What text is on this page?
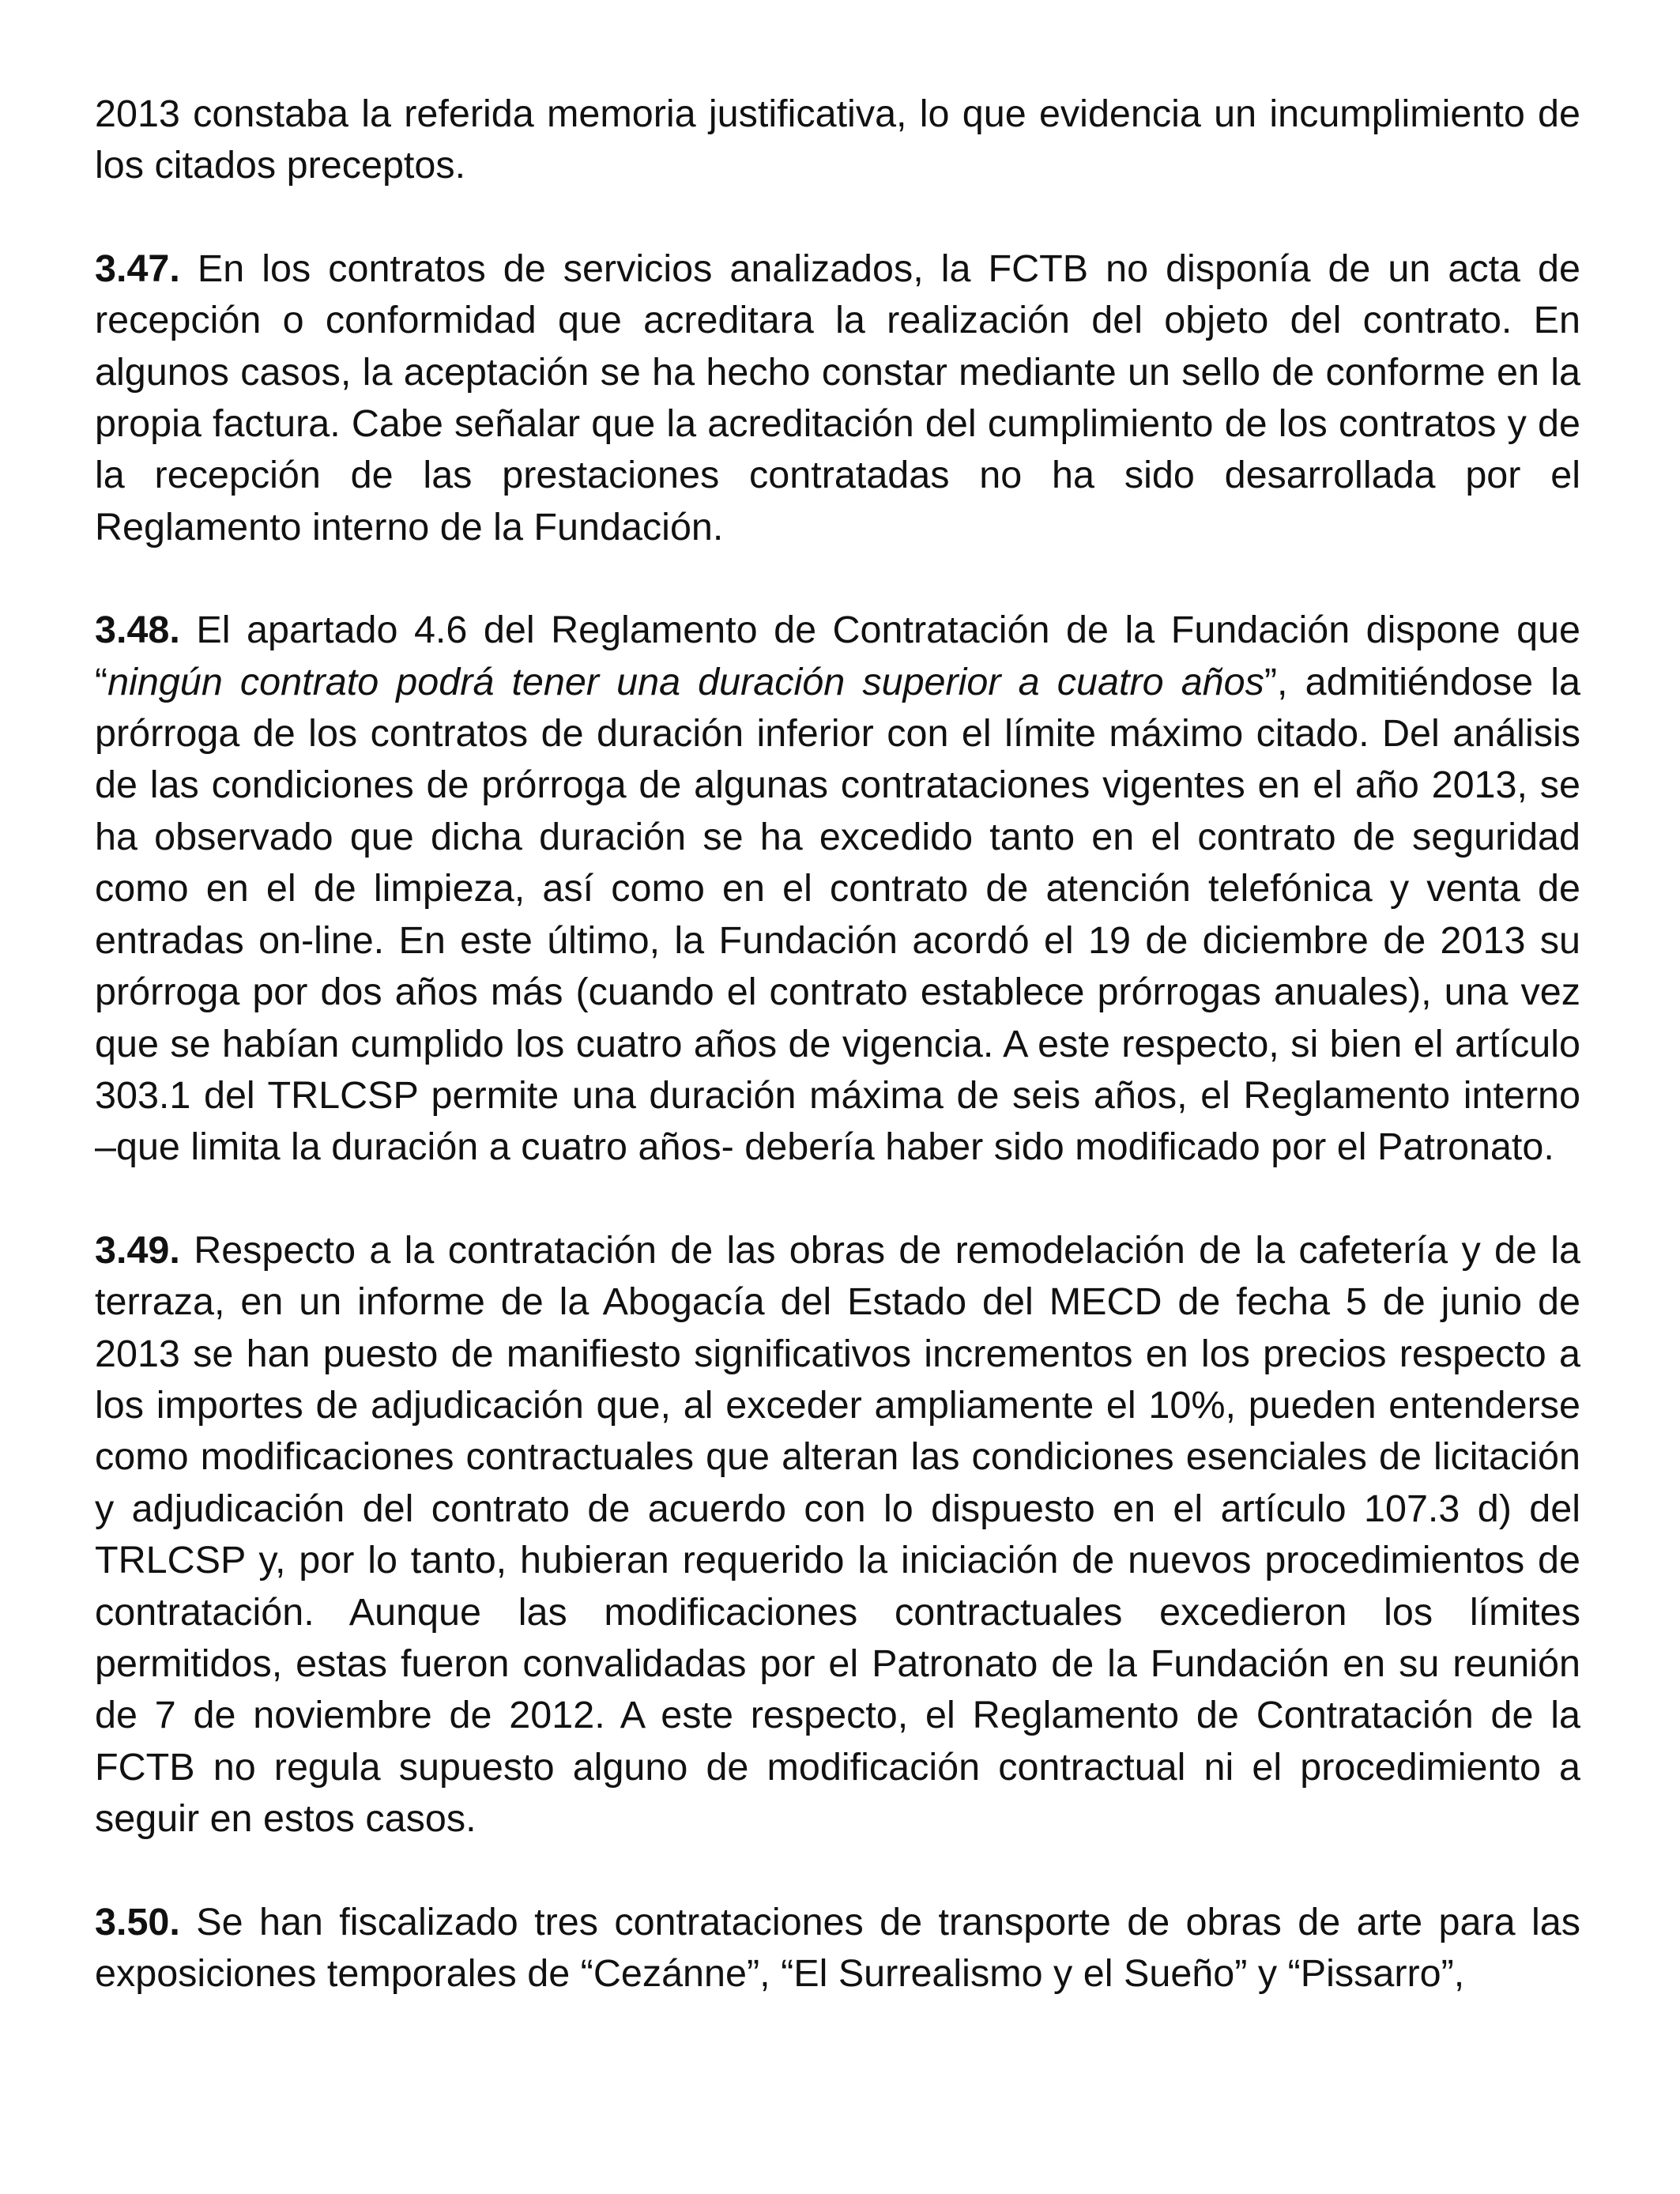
2013 constaba la referida memoria justificativa, lo que evidencia un incumplimiento de los citados preceptos.

3.47. En los contratos de servicios analizados, la FCTB no disponía de un acta de recepción o conformidad que acreditara la realización del objeto del contrato. En algunos casos, la aceptación se ha hecho constar mediante un sello de conforme en la propia factura. Cabe señalar que la acreditación del cumplimiento de los contratos y de la recepción de las prestaciones contratadas no ha sido desarrollada por el Reglamento interno de la Fundación.

3.48. El apartado 4.6 del Reglamento de Contratación de la Fundación dispone que “ningún contrato podrá tener una duración superior a cuatro años”, admitiéndose la prórroga de los contratos de duración inferior con el límite máximo citado. Del análisis de las condiciones de prórroga de algunas contrataciones vigentes en el año 2013, se ha observado que dicha duración se ha excedido tanto en el contrato de seguridad como en el de limpieza, así como en el contrato de atención telefónica y venta de entradas on-line. En este último, la Fundación acordó el 19 de diciembre de 2013 su prórroga por dos años más (cuando el contrato establece prórrogas anuales), una vez que se habían cumplido los cuatro años de vigencia. A este respecto, si bien el artículo 303.1 del TRLCSP permite una duración máxima de seis años, el Reglamento interno –que limita la duración a cuatro años- debería haber sido modificado por el Patronato.

3.49. Respecto a la contratación de las obras de remodelación de la cafetería y de la terraza, en un informe de la Abogacía del Estado del MECD de fecha 5 de junio de 2013 se han puesto de manifiesto significativos incrementos en los precios respecto a los importes de adjudicación que, al exceder ampliamente el 10%, pueden entenderse como modificaciones contractuales que alteran las condiciones esenciales de licitación y adjudicación del contrato de acuerdo con lo dispuesto en el artículo 107.3 d) del TRLCSP y, por lo tanto, hubieran requerido la iniciación de nuevos procedimientos de contratación. Aunque las modificaciones contractuales excedieron los límites permitidos, estas fueron convalidadas por el Patronato de la Fundación en su reunión de 7 de noviembre de 2012. A este respecto, el Reglamento de Contratación de la FCTB no regula supuesto alguno de modificación contractual ni el procedimiento a seguir en estos casos.

3.50. Se han fiscalizado tres contrataciones de transporte de obras de arte para las exposiciones temporales de “Cezánne”, “El Surrealismo y el Sueño” y “Pissarro”,
